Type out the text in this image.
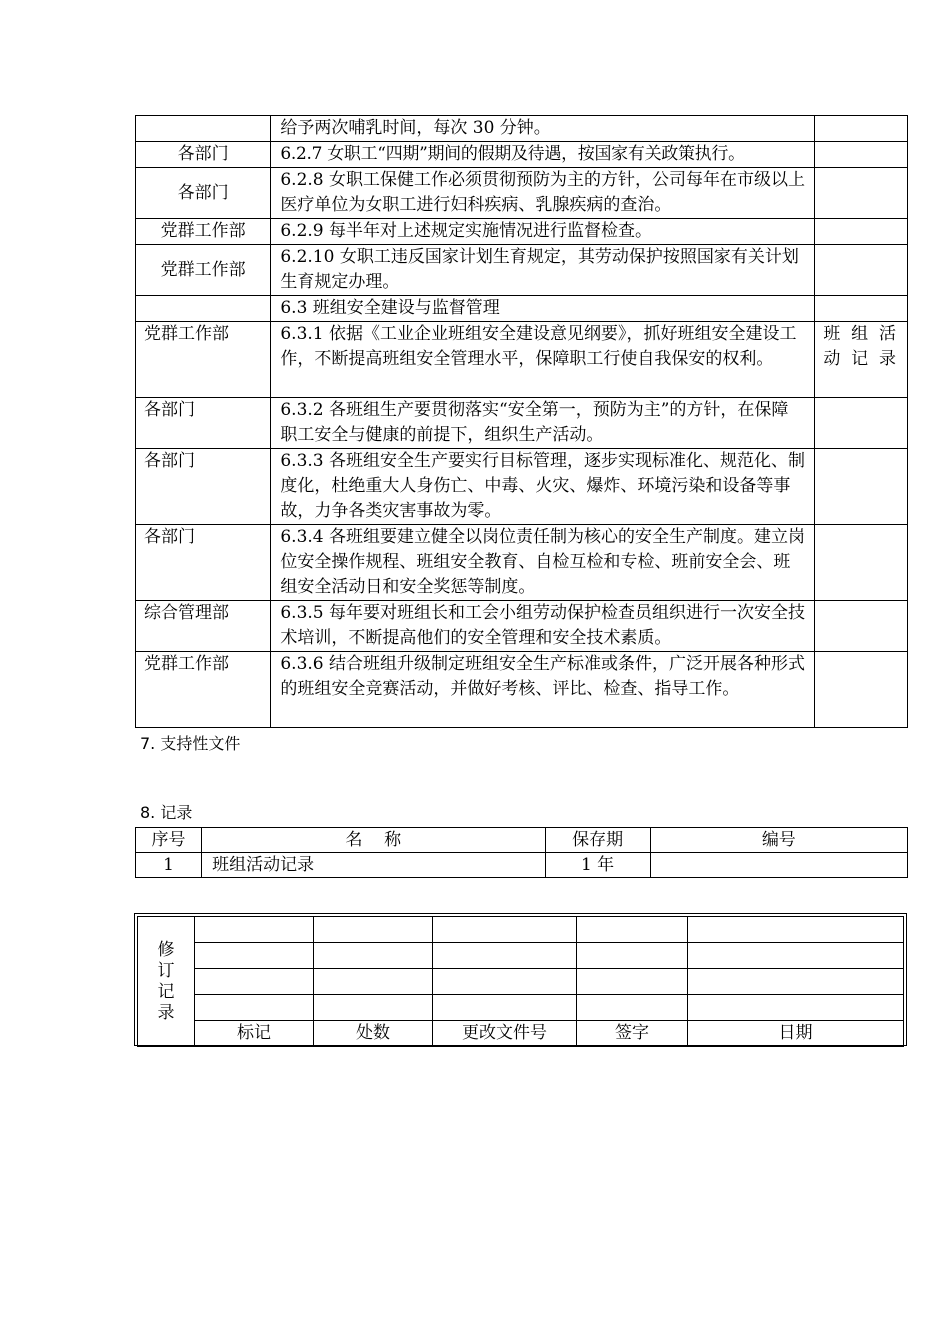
	给予两次哺乳时间，每次 30 分钟。	
各部门	6.2.7 女职工“四期”期间的假期及待遇，按国家有关政策执行。	
各部门	6.2.8 女职工保健工作必须贯彻预防为主的方针，公司每年在市级以上医疗单位为女职工进行妇科疾病、乳腺疾病的查治。	
党群工作部	6.2.9 每半年对上述规定实施情况进行监督检查。	
党群工作部	6.2.10 女职工违反国家计划生育规定，其劳动保护按照国家有关计划生育规定办理。	
	6.3 班组安全建设与监督管理	
党群工作部	6.3.1 依据《工业企业班组安全建设意见纲要》，抓好班组安全建设工作，不断提高班组安全管理水平，保障职工行使自我保安的权利。	班组活动记录

各部门	6.3.2 各班组生产要贯彻落实“安全第一，预防为主”的方针，在保障职工安全与健康的前提下，组织生产活动。	
各部门	6.3.3 各班组安全生产要实行目标管理，逐步实现标准化、规范化、制度化，杜绝重大人身伤亡、中毒、火灾、爆炸、环境污染和设备等事故，力争各类灾害事故为零。	
各部门	6.3.4 各班组要建立健全以岗位责任制为核心的安全生产制度。建立岗位安全操作规程、班组安全教育、自检互检和专检、班前安全会、班组安全活动日和安全奖惩等制度。	
综合管理部	6.3.5 每年要对班组长和工会小组劳动保护检查员组织进行一次安全技术培训，不断提高他们的安全管理和安全技术素质。	
党群工作部	6.3.6 结合班组升级制定班组安全生产标准或条件，广泛开展各种形式的班组安全竞赛活动，并做好考核、评比、检查、指导工作。	
7. 支持性文件
8. 记录
序号	名    称	保存期	编号
1	班组活动记录	1 年	
修订记录					

	标记	处数	更改文件号	签字	日期
